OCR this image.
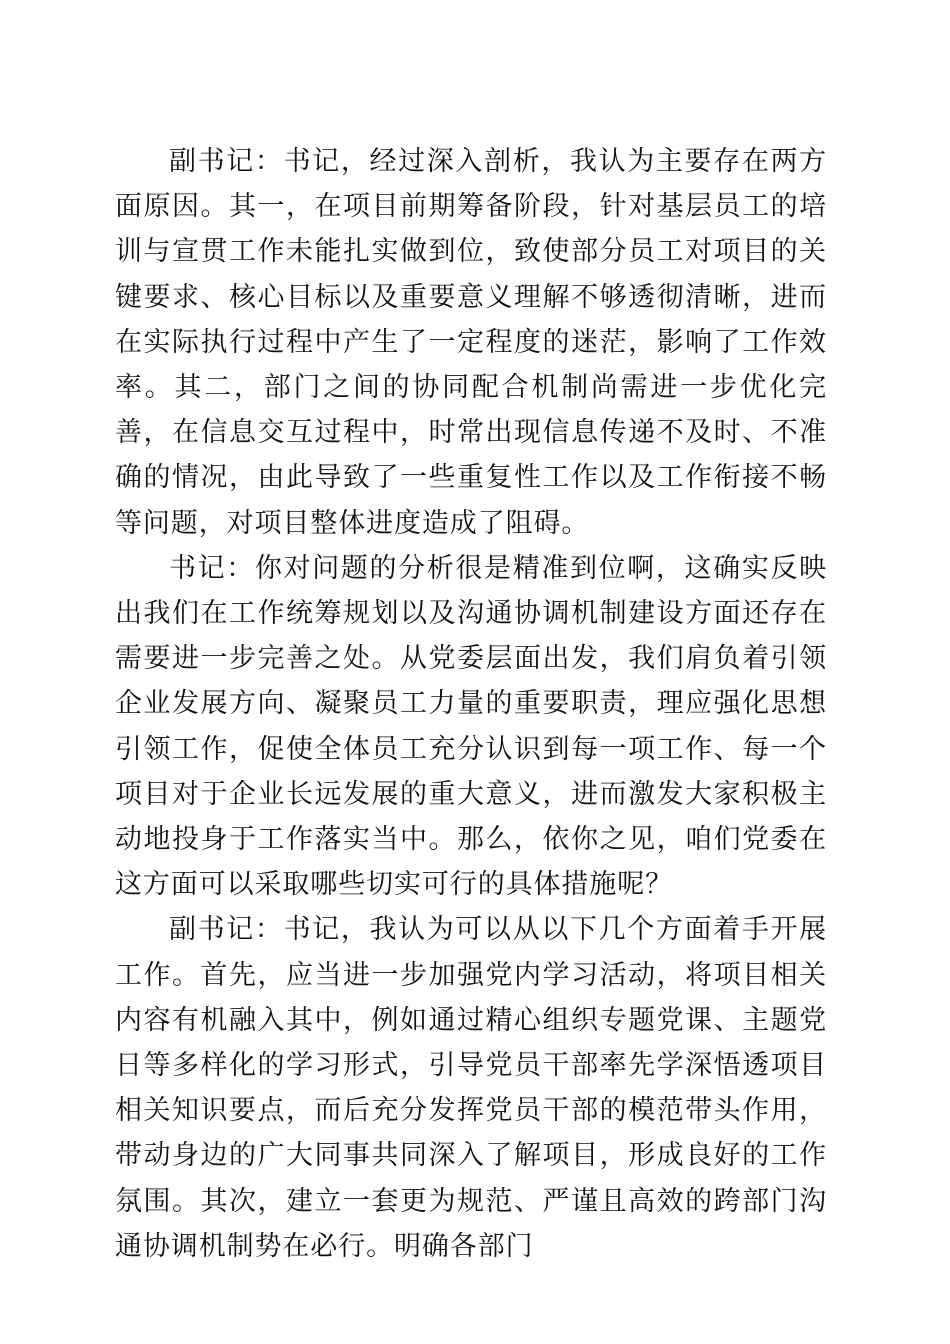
副书记：书记，经过深入剖析，我认为主要存在两方面原因。其一，在项目前期筹备阶段，针对基层员工的培训与宣贯工作未能扎实做到位，致使部分员工对项目的关键要求、核心目标以及重要意义理解不够透彻清晰，进而在实际执行过程中产生了一定程度的迷茫，影响了工作效率。其二，部门之间的协同配合机制尚需进一步优化完善，在信息交互过程中，时常出现信息传递不及时、不准确的情况，由此导致了一些重复性工作以及工作衔接不畅等问题，对项目整体进度造成了阻碍。

书记：你对问题的分析很是精准到位啊，这确实反映出我们在工作统筹规划以及沟通协调机制建设方面还存在需要进一步完善之处。从党委层面出发，我们肩负着引领企业发展方向、凝聚员工力量的重要职责，理应强化思想引领工作，促使全体员工充分认识到每一项工作、每一个项目对于企业长远发展的重大意义，进而激发大家积极主动地投身于工作落实当中。那么，依你之见，咱们党委在这方面可以采取哪些切实可行的具体措施呢？

副书记：书记，我认为可以从以下几个方面着手开展工作。首先，应当进一步加强党内学习活动，将项目相关内容有机融入其中，例如通过精心组织专题党课、主题党日等多样化的学习形式，引导党员干部率先学深悟透项目相关知识要点，而后充分发挥党员干部的模范带头作用，带动身边的广大同事共同深入了解项目，形成良好的工作氛围。其次，建立一套更为规范、严谨且高效的跨部门沟通协调机制势在必行。明确各部门
